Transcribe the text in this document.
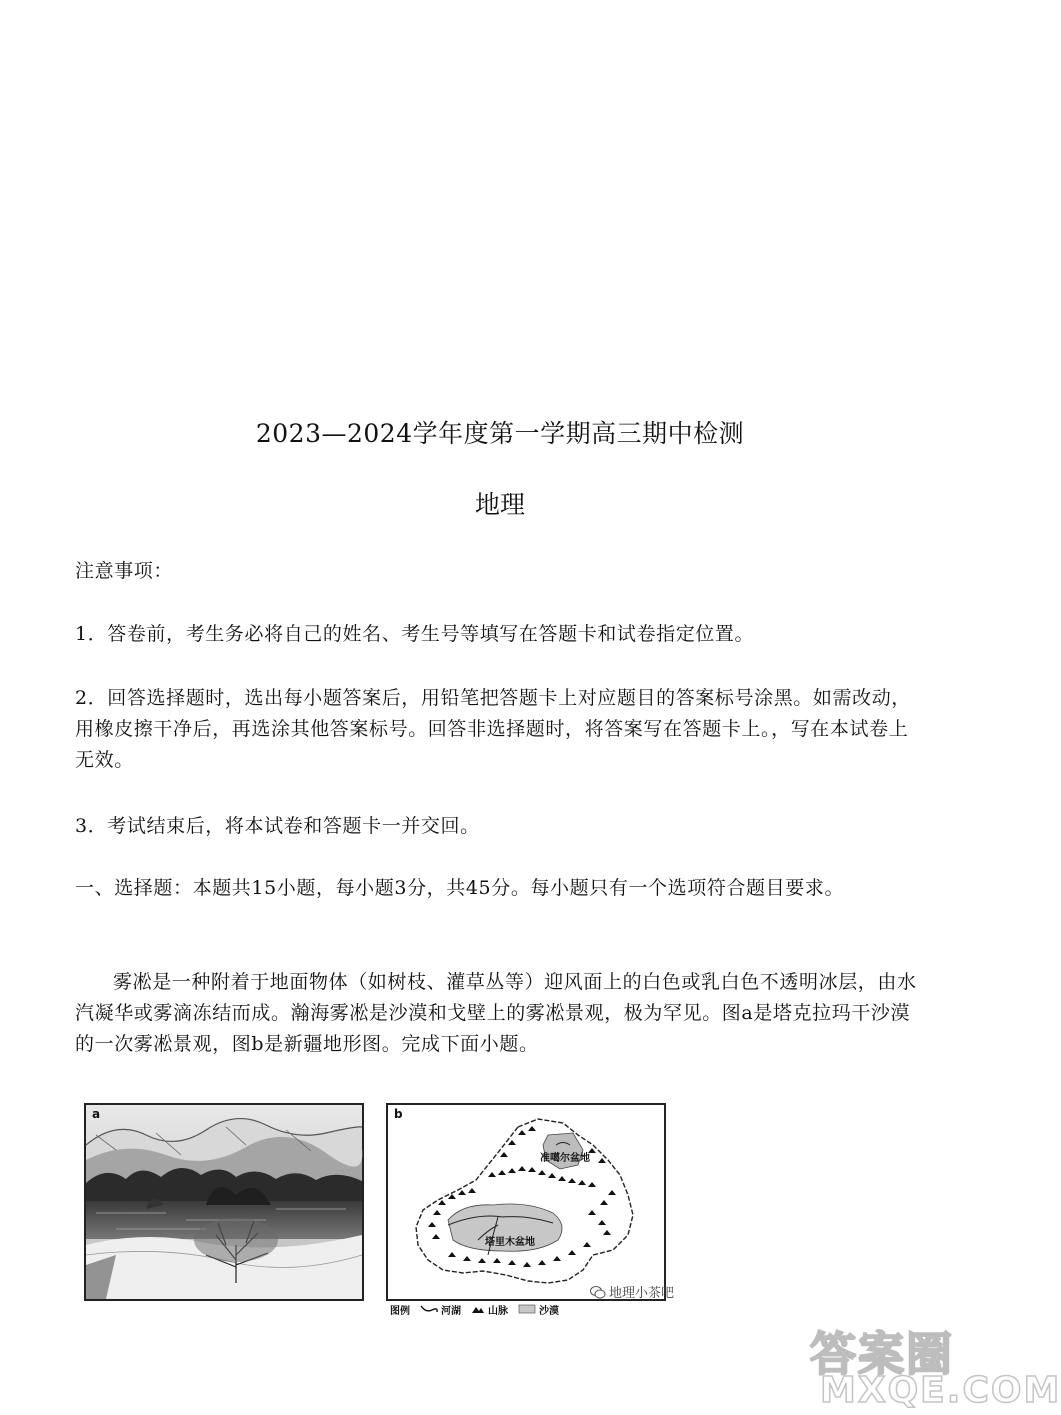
2023—2024学年度第一学期高三期中检测
地理

注意事项：

1．答卷前，考生务必将自己的姓名、考生号等填写在答题卡和试卷指定位置。

2．回答选择题时，选出每小题答案后，用铅笔把答题卡上对应题目的答案标号涂黑。如需改动，用橡皮擦干净后，再选涂其他答案标号。回答非选择题时，将答案写在答题卡上。，写在本试卷上无效。

3．考试结束后，将本试卷和答题卡一并交回。

一、选择题：本题共15小题，每小题3分，共45分。每小题只有一个选项符合题目要求。

雾凇是一种附着于地面物体（如树枝、灌草丛等）迎风面上的白色或乳白色不透明冰层，由水汽凝华或雾滴冻结而成。瀚海雾凇是沙漠和戈壁上的雾凇景观，极为罕见。图a是塔克拉玛干沙漠的一次雾凇景观，图b是新疆地形图。完成下面小题。

a	b
准噶尔盆地
塔里木盆地
图例	河湖	山脉	沙漠
地理小茶吧
答案圈
MXQE.COM
